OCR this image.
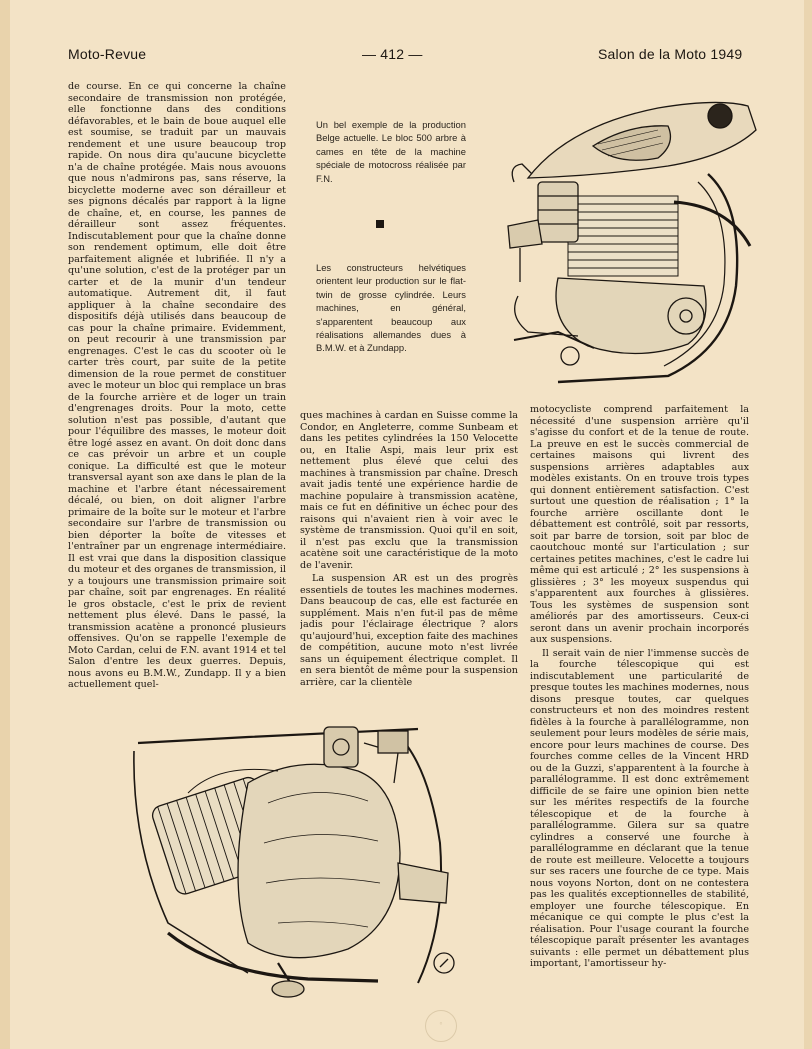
Moto-Revue	— 412 —	Salon de la Moto 1949

de course. En ce qui concerne la chaîne secondaire de transmission non protégée, elle fonctionne dans des conditions défavorables, et le bain de boue auquel elle est soumise, se traduit par un mauvais rendement et une usure beaucoup trop rapide. On nous dira qu'aucune bicyclette n'a de chaîne protégée. Mais nous avouons que nous n'admirons pas, sans réserve, la bicyclette moderne avec son dérailleur et ses pignons décalés par rapport à la ligne de chaîne, et, en course, les pannes de dérailleur sont assez fréquentes. Indiscutablement pour que la chaîne donne son rendement optimum, elle doit être parfaitement alignée et lubrifiée. Il n'y a qu'une solution, c'est de la protéger par un carter et de la munir d'un tendeur automatique. Autrement dit, il faut appliquer à la chaîne secondaire des dispositifs déjà utilisés dans beaucoup de cas pour la chaîne primaire. Evidemment, on peut recourir à une transmission par engrenages. C'est le cas du scooter où le carter très court, par suite de la petite dimension de la roue permet de constituer avec le moteur un bloc qui remplace un bras de la fourche arrière et de loger un train d'engrenages droits. Pour la moto, cette solution n'est pas possible, d'autant que pour l'équilibre des masses, le moteur doit être logé assez en avant. On doit donc dans ce cas prévoir un arbre et un couple conique. La difficulté est que le moteur transversal ayant son axe dans le plan de la machine et l'arbre étant nécessairement décalé, ou bien, on doit aligner l'arbre primaire de la boîte sur le moteur et l'arbre secondaire sur l'arbre de transmission ou bien déporter la boîte de vitesses et l'entraîner par un engrenage intermédiaire. Il est vrai que dans la disposition classique du moteur et des organes de transmission, il y a toujours une transmission primaire soit par chaîne, soit par engrenages. En réalité le gros obstacle, c'est le prix de revient nettement plus élevé. Dans le passé, la transmission acatène a prononcé plusieurs offensives. Qu'on se rappelle l'exemple de Moto Cardan, celui de F.N. avant 1914 et tel Salon d'entre les deux guerres. Depuis, nous avons eu B.M.W., Zundapp. Il y a bien actuellement quel-

Un bel exemple de la production Belge actuelle. Le bloc 500 arbre à cames en tête de la machine spéciale de motocross réalisée par F.N.
Les constructeurs helvétiques orientent leur production sur le flat-twin de grosse cylindrée. Leurs machines, en général, s'apparentent beaucoup aux réalisations allemandes dues à B.M.W. et à Zundapp.

ques machines à cardan en Suisse comme la Condor, en Angleterre, comme Sunbeam et dans les petites cylindrées la 150 Velocette ou, en Italie Aspi, mais leur prix est nettement plus élevé que celui des machines à transmission par chaîne. Dresch avait jadis tenté une expérience hardie de machine populaire à transmission acatène, mais ce fut en définitive un échec pour des raisons qui n'avaient rien à voir avec le système de transmission. Quoi qu'il en soit, il n'est pas exclu que la transmission acatène soit une caractéristique de la moto de l'avenir.

La suspension AR est un des progrès essentiels de toutes les machines modernes. Dans beaucoup de cas, elle est facturée en supplément. Mais n'en fut-il pas de même jadis pour l'éclairage électrique ? alors qu'aujourd'hui, exception faite des machines de compétition, aucune moto n'est livrée sans un équipement électrique complet. Il en sera bientôt de même pour la suspension arrière, car la clientèle

motocycliste comprend parfaitement la nécessité d'une suspension arrière qu'il s'agisse du confort et de la tenue de route. La preuve en est le succès commercial de certaines maisons qui livrent des suspensions arrières adaptables aux modèles existants. On en trouve trois types qui donnent entièrement satisfaction. C'est surtout une question de réalisation ; 1° la fourche arrière oscillante dont le débattement est contrôlé, soit par ressorts, soit par barre de torsion, soit par bloc de caoutchouc monté sur l'articulation ; sur certaines petites machines, c'est le cadre lui même qui est articulé ; 2° les suspensions à glissières ; 3° les moyeux suspendus qui s'apparentent aux fourches à glissières. Tous les systèmes de suspension sont améliorés par des amortisseurs. Ceux-ci seront dans un avenir prochain incorporés aux suspensions.

Il serait vain de nier l'immense succès de la fourche télescopique qui est indiscutablement une particularité de presque toutes les machines modernes, nous disons presque toutes, car quelques constructeurs et non des moindres restent fidèles à la fourche à parallélogramme, non seulement pour leurs modèles de série mais, encore pour leurs machines de course. Des fourches comme celles de la Vincent HRD ou de la Guzzi, s'apparentent à la fourche à parallélogramme. Il est donc extrêmement difficile de se faire une opinion bien nette sur les mérites respectifs de la fourche télescopique et de la fourche à parallélogramme. Gilera sur sa quatre cylindres a conservé une fourche à parallélogramme en déclarant que la tenue de route est meilleure. Velocette a toujours sur ses racers une fourche de ce type. Mais nous voyons Norton, dont on ne contestera pas les qualités exceptionnelles de stabilité, employer une fourche télescopique. En mécanique ce qui compte le plus c'est la réalisation. Pour l'usage courant la fourche télescopique paraît présenter les avantages suivants : elle permet un débattement plus important, l'amortisseur hy-

°
